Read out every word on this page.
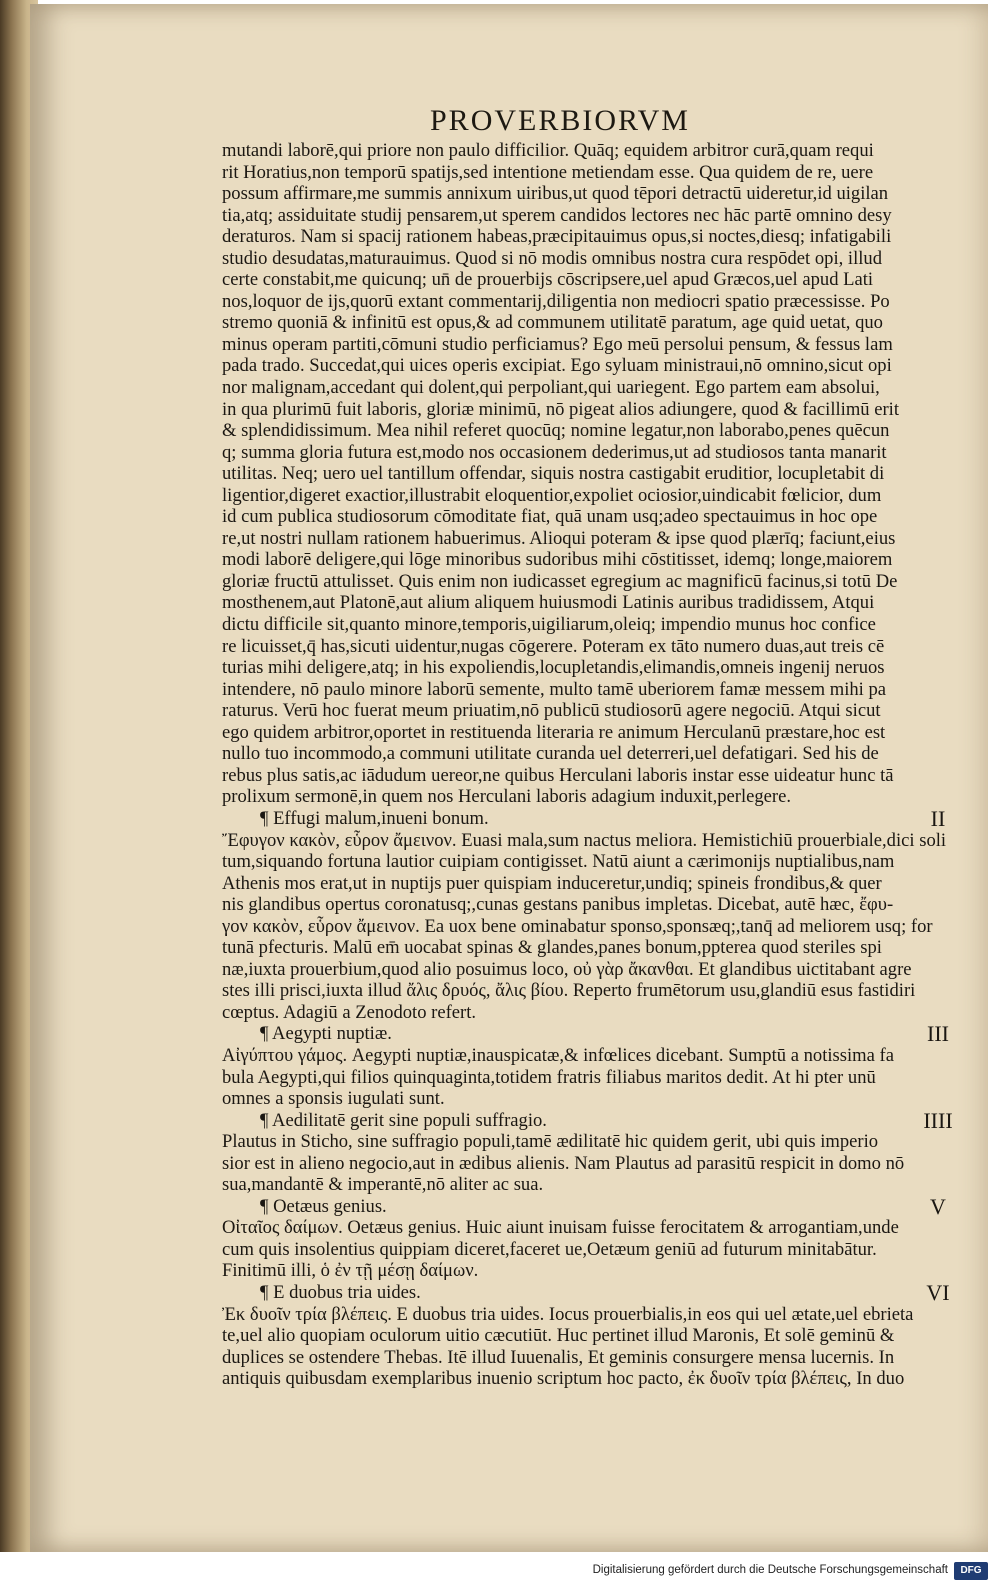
PROVERBIORVM
mutandi laborē,qui priore non paulo difficilior. Quāq; equidem arbitror curā,quam requi
rit Horatius,non temporū spatijs,sed intentione metiendam esse. Qua quidem de re, uere
possum affirmare,me summis annixum uiribus,ut quod tēpori detractū uideretur,id uigilan
tia,atq; assiduitate studij pensarem,ut sperem candidos lectores nec hāc partē omnino desy
deraturos. Nam si spacij rationem habeas,præcipitauimus opus,si noctes,diesq; infatigabili
studio desudatas,maturauimus. Quod si nō modis omnibus nostra cura respōdet opi, illud
certe constabit,me quicunq; un̄ de prouerbijs cōscripsere,uel apud Græcos,uel apud Lati
nos,loquor de ijs,quorū extant commentarij,diligentia non mediocri spatio præcessisse. Po
stremo quoniā & infinitū est opus,& ad communem utilitatē paratum, age quid uetat, quo
minus operam partiti,cōmuni studio perficiamus? Ego meū persolui pensum, & fessus lam
pada trado. Succedat,qui uices operis excipiat. Ego syluam ministraui,nō omnino,sicut opi
nor malignam,accedant qui dolent,qui perpoliant,qui uariegent. Ego partem eam absolui,
in qua plurimū fuit laboris, gloriæ minimū, nō pigeat alios adiungere, quod & facillimū erit
& splendidissimum. Mea nihil referet quocūq; nomine legatur,non laborabo,penes quēcun
q; summa gloria futura est,modo nos occasionem dederimus,ut ad studiosos tanta manarit
utilitas. Neq; uero uel tantillum offendar, siquis nostra castigabit eruditior, locupletabit di
ligentior,digeret exactior,illustrabit eloquentior,expoliet ociosior,uindicabit fœlicior, dum
id cum publica studiosorum cōmoditate fiat, quā unam usq;adeo spectauimus in hoc ope
re,ut nostri nullam rationem habuerimus. Alioqui poteram & ipse quod plærīq; faciunt,eius
modi laborē deligere,qui lōge minoribus sudoribus mihi cōstitisset, idemq; longe,maiorem
gloriæ fructū attulisset. Quis enim non iudicasset egregium ac magnificū facinus,si totū De
mosthenem,aut Platonē,aut alium aliquem huiusmodi Latinis auribus tradidissem, Atqui
dictu difficile sit,quanto minore,temporis,uigiliarum,oleiq; impendio munus hoc confice
re licuisset,q̄ has,sicuti uidentur,nugas cōgerere. Poteram ex tāto numero duas,aut treis cē
turias mihi deligere,atq; in his expoliendis,locupletandis,elimandis,omneis ingenij neruos
intendere, nō paulo minore laborū semente, multo tamē uberiorem famæ messem mihi pa
raturus. Verū hoc fuerat meum priuatim,nō publicū studiosorū agere negociū. Atqui sicut
ego quidem arbitror,oportet in restituenda literaria re animum Herculanū præstare,hoc est
nullo tuo incommodo,a communi utilitate curanda uel deterreri,uel defatigari. Sed his de
rebus plus satis,ac iādudum uereor,ne quibus Herculani laboris instar esse uideatur hunc tā
prolixum sermonē,in quem nos Herculani laboris adagium induxit,perlegere.
¶ Effugi malum,inueni bonum.	II
Ἔφυγον κακὸν, εὗρον ἄμεινον. Euasi mala,sum nactus meliora. Hemistichiū prouerbiale,dici soli
tum,siquando fortuna lautior cuipiam contigisset. Natū aiunt a cærimonijs nuptialibus,nam
Athenis mos erat,ut in nuptijs puer quispiam induceretur,undiq; spineis frondibus,& quer
nis glandibus opertus coronatusq;,cunas gestans panibus impletas. Dicebat, autē hæc, ἔφυ-
γον κακὸν, εὗρον ἄμεινον. Ea uox bene ominabatur sponso,sponsæq;,tanq̄ ad meliorem usq; for
tunā pfecturis. Malū em̄ uocabat spinas & glandes,panes bonum,ppterea quod steriles spi
næ,iuxta prouerbium,quod alio posuimus loco, οὐ γὰρ ἄκανθαι. Et glandibus uictitabant agre
stes illi prisci,iuxta illud ἄλις δρυός, ἄλις βίου. Reperto frumētorum usu,glandiū esus fastidiri
cœptus. Adagiū a Zenodoto refert.
¶ Aegypti nuptiæ.	III
Αἰγύπτου γάμος. Aegypti nuptiæ,inauspicatæ,& infœlices dicebant. Sumptū a notissima fa
bula Aegypti,qui filios quinquaginta,totidem fratris filiabus maritos dedit. At hi pter unū
omnes a sponsis iugulati sunt.
¶ Aedilitatē gerit sine populi suffragio.	IIII
Plautus in Sticho, sine suffragio populi,tamē ædilitatē hic quidem gerit, ubi quis imperio
sior est in alieno negocio,aut in ædibus alienis. Nam Plautus ad parasitū respicit in domo nō
sua,mandantē & imperantē,nō aliter ac sua.
¶ Oetæus genius.	V
Οἰταῖος δαίμων. Oetæus genius. Huic aiunt inuisam fuisse ferocitatem & arrogantiam,unde
cum quis insolentius quippiam diceret,faceret ue,Oetæum geniū ad futurum minitabātur.
Finitimū illi, ὁ ἐν τῇ μέσῃ δαίμων.
¶ E duobus tria uides.	VI
Ἐκ δυοῖν τρία βλέπεις. E duobus tria uides. Iocus prouerbialis,in eos qui uel ætate,uel ebrieta
te,uel alio quopiam oculorum uitio cæcutiūt. Huc pertinet illud Maronis, Et solē geminū &
duplices se ostendere Thebas. Itē illud Iuuenalis, Et geminis consurgere mensa lucernis. In
antiquis quibusdam exemplaribus inuenio scriptum hoc pacto, ἐκ δυοῖν τρία βλέπεις, In duo
Digitalisierung gefördert durch die Deutsche Forschungsgemeinschaft	DFG
